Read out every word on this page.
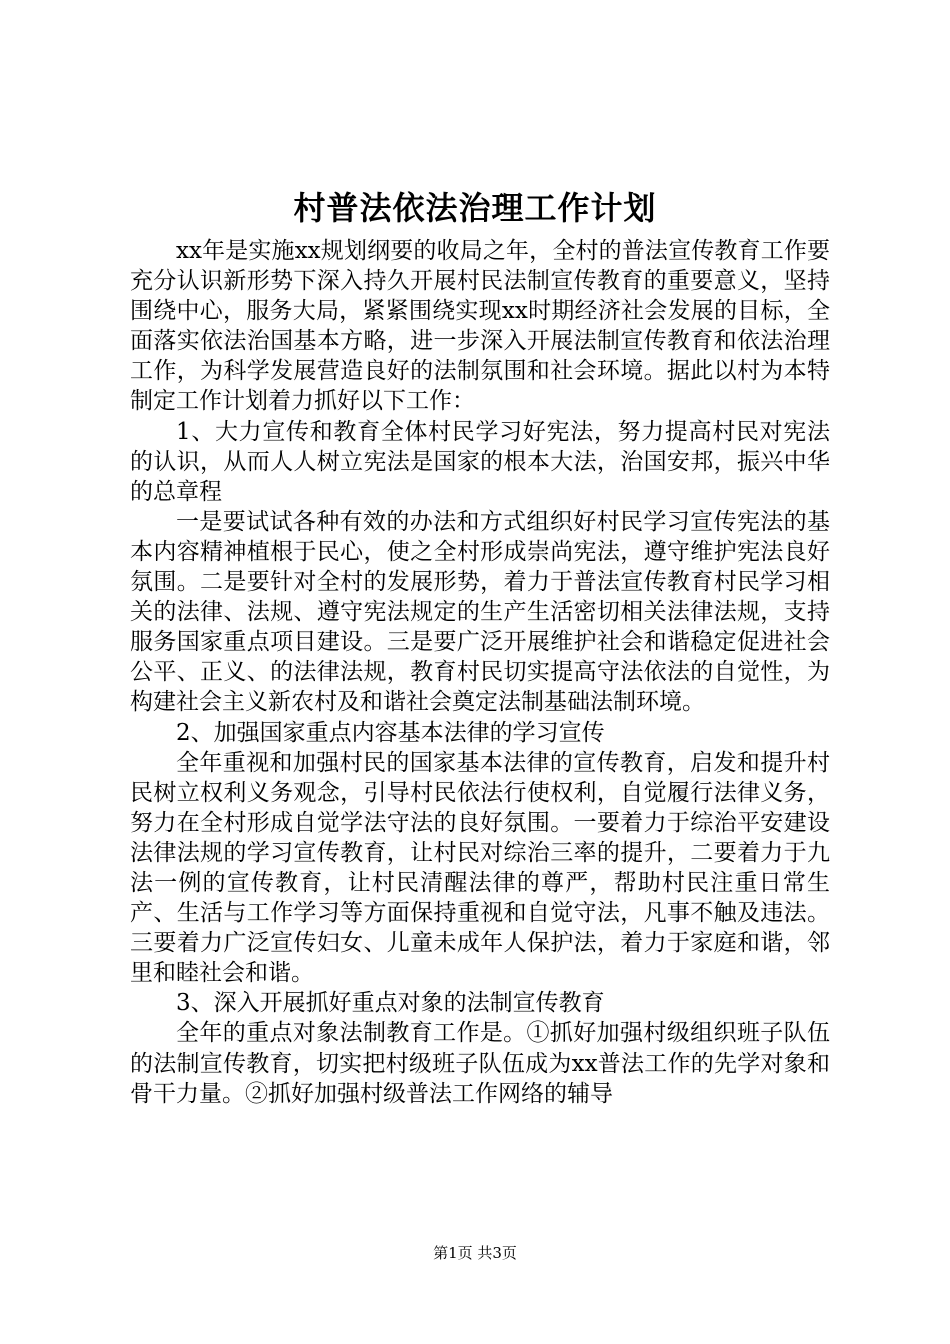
村普法依法治理工作计划

xx年是实施xx规划纲要的收局之年，全村的普法宣传教育工作要充分认识新形势下深入持久开展村民法制宣传教育的重要意义，坚持围绕中心，服务大局，紧紧围绕实现xx时期经济社会发展的目标，全面落实依法治国基本方略，进一步深入开展法制宣传教育和依法治理工作，为科学发展营造良好的法制氛围和社会环境。据此以村为本特制定工作计划着力抓好以下工作：

1、大力宣传和教育全体村民学习好宪法，努力提高村民对宪法的认识，从而人人树立宪法是国家的根本大法，治国安邦，振兴中华的总章程

一是要试试各种有效的办法和方式组织好村民学习宣传宪法的基本内容精神植根于民心，使之全村形成崇尚宪法，遵守维护宪法良好氛围。二是要针对全村的发展形势，着力于普法宣传教育村民学习相关的法律、法规、遵守宪法规定的生产生活密切相关法律法规，支持服务国家重点项目建设。三是要广泛开展维护社会和谐稳定促进社会公平、正义、的法律法规，教育村民切实提高守法依法的自觉性，为构建社会主义新农村及和谐社会奠定法制基础法制环境。

2、加强国家重点内容基本法律的学习宣传

全年重视和加强村民的国家基本法律的宣传教育，启发和提升村民树立权利义务观念，引导村民依法行使权利，自觉履行法律义务，努力在全村形成自觉学法守法的良好氛围。一要着力于综治平安建设法律法规的学习宣传教育，让村民对综治三率的提升，二要着力于九法一例的宣传教育，让村民清醒法律的尊严，帮助村民注重日常生产、生活与工作学习等方面保持重视和自觉守法，凡事不触及违法。三要着力广泛宣传妇女、儿童未成年人保护法，着力于家庭和谐，邻里和睦社会和谐。

3、深入开展抓好重点对象的法制宣传教育

全年的重点对象法制教育工作是。①抓好加强村级组织班子队伍的法制宣传教育，切实把村级班子队伍成为xx普法工作的先学对象和骨干力量。②抓好加强村级普法工作网络的辅导

第1页 共3页
